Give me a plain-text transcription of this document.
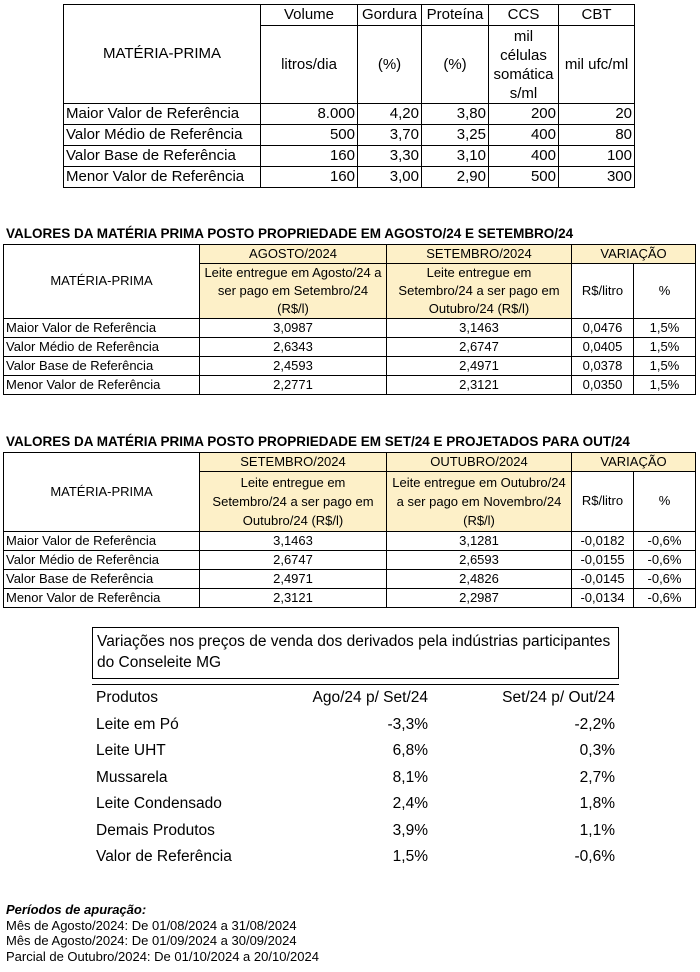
MATÉRIA-PRIMA	Volume	Gordura	Proteína	CCS	CBT
	litros/dia	(%)	(%)	mil células somática s/ml	mil ufc/ml
Maior Valor de Referência	8.000	4,20	3,80	200	20
Valor Médio de Referência	500	3,70	3,25	400	80
Valor Base de Referência	160	3,30	3,10	400	100
Menor Valor de Referência	160	3,00	2,90	500	300
VALORES DA MATÉRIA PRIMA POSTO PROPRIEDADE EM AGOSTO/24 E SETEMBRO/24
MATÉRIA-PRIMA	AGOSTO/2024	SETEMBRO/2024	VARIAÇÃO	
	Leite entregue em Agosto/24 a ser pago em Setembro/24 (R$/l)	Leite entregue em Setembro/24 a ser pago em Outubro/24 (R$/l)	R$/litro	%
Maior Valor de Referência	3,0987	3,1463	0,0476	1,5%
Valor Médio de Referência	2,6343	2,6747	0,0405	1,5%
Valor Base de Referência	2,4593	2,4971	0,0378	1,5%
Menor Valor de Referência	2,2771	2,3121	0,0350	1,5%
VALORES DA MATÉRIA PRIMA POSTO PROPRIEDADE EM SET/24 E PROJETADOS PARA OUT/24
MATÉRIA-PRIMA	SETEMBRO/2024	OUTUBRO/2024	VARIAÇÃO	
	Leite entregue em Setembro/24 a ser pago em Outubro/24 (R$/l)	Leite entregue em Outubro/24 a ser pago em Novembro/24 (R$/l)	R$/litro	%
Maior Valor de Referência	3,1463	3,1281	-0,0182	-0,6%
Valor Médio de Referência	2,6747	2,6593	-0,0155	-0,6%
Valor Base de Referência	2,4971	2,4826	-0,0145	-0,6%
Menor Valor de Referência	2,3121	2,2987	-0,0134	-0,6%
Variações nos preços de venda dos derivados pela indústrias participantes do Conseleite MG
Produtos	Ago/24 p/ Set/24	Set/24 p/ Out/24
Leite em Pó	-3,3%	-2,2%
Leite UHT	6,8%	0,3%
Mussarela	8,1%	2,7%
Leite Condensado	2,4%	1,8%
Demais Produtos	3,9%	1,1%
Valor de Referência	1,5%	-0,6%
Períodos de apuração:
Mês de Agosto/2024: De 01/08/2024 a 31/08/2024
Mês de Agosto/2024: De 01/09/2024 a 30/09/2024
Parcial de Outubro/2024: De 01/10/2024 a 20/10/2024
